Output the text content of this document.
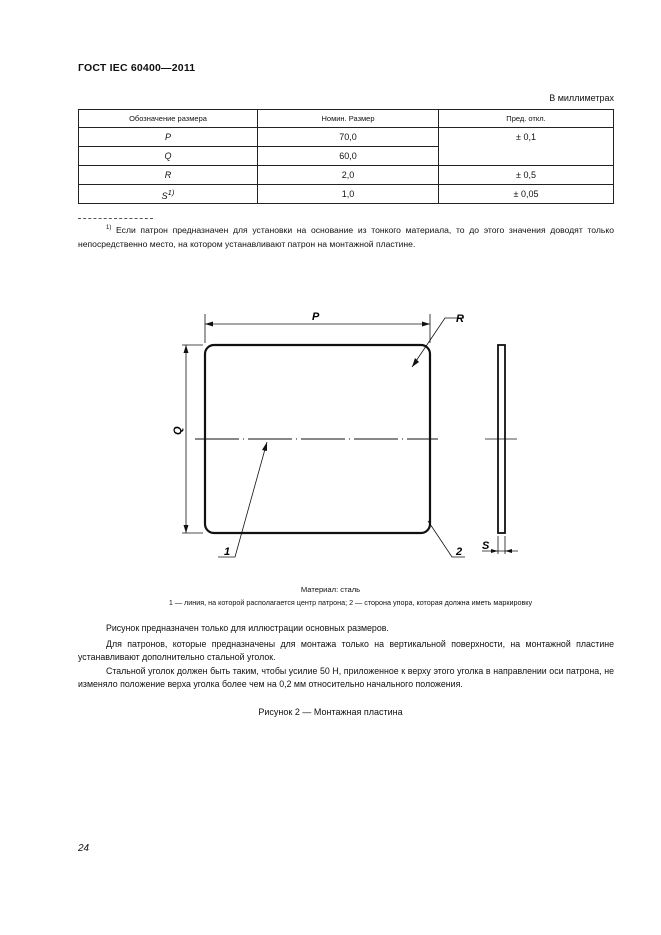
ГОСТ IEC 60400—2011
В миллиметрах
Обозначение размера	Номин. Размер	Пред. откл.
P	70,0	± 0,1
Q	60,0	
R	2,0	± 0,5
$S^{1)}$	1,0	± 0,05
$^{1)}$ Если патрон предназначен для установки на основание из тонкого материала, то до этого значения доводят только непосредственно место, на котором устанавливают патрон на монтажной пластине.
P	R
Q
1	2 S
Материал: сталь
1 — линия, на которой располагается центр патрона; 2 — сторона упора, которая должна иметь маркировку
Рисунок предназначен только для иллюстрации основных размеров.
Для патронов, которые предназначены для монтажа только на вертикальной поверхности, на монтажной пластине устанавливают дополнительно стальной уголок.
Стальной уголок должен быть таким, чтобы усилие 50 Н, приложенное к верху этого уголка в направлении оси патрона, не изменяло положение верха уголка более чем на 0,2 мм относительно начального положения.
Рисунок 2 — Монтажная пластина
24
